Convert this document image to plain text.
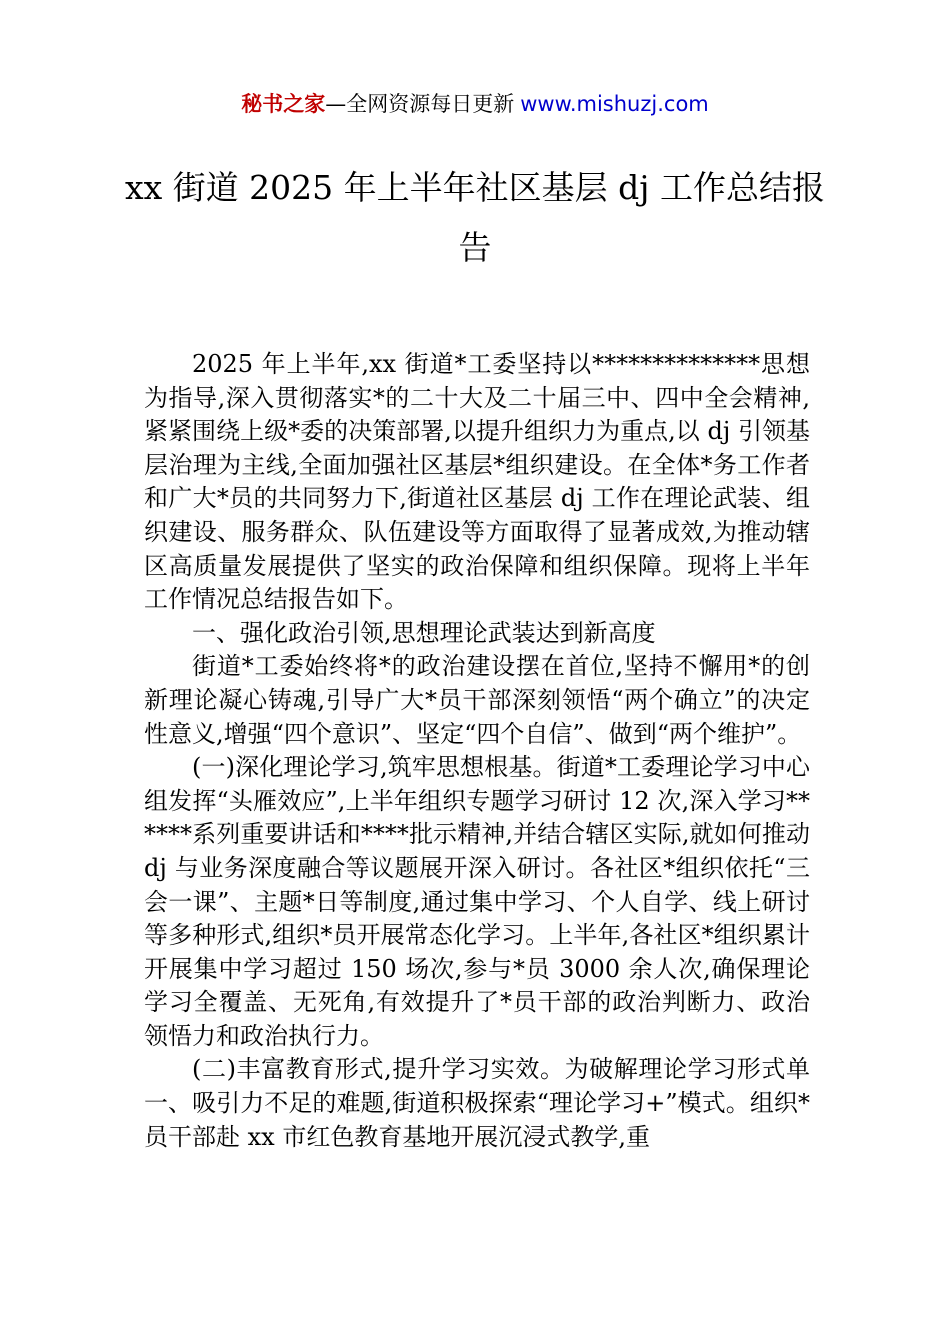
秘书之家—全网资源每日更新 www.mishuzj.com
xx 街道 2025 年上半年社区基层 dj 工作总结报告

2025 年上半年,xx 街道*工委坚持以**************思想为指导,深入贯彻落实*的二十大及二十届三中、四中全会精神,紧紧围绕上级*委的决策部署,以提升组织力为重点,以 dj 引领基层治理为主线,全面加强社区基层*组织建设。在全体*务工作者和广大*员的共同努力下,街道社区基层 dj 工作在理论武装、组织建设、服务群众、队伍建设等方面取得了显著成效,为推动辖区高质量发展提供了坚实的政治保障和组织保障。现将上半年工作情况总结报告如下。

一、强化政治引领,思想理论武装达到新高度

街道*工委始终将*的政治建设摆在首位,坚持不懈用*的创新理论凝心铸魂,引导广大*员干部深刻领悟“两个确立”的决定性意义,增强“四个意识”、坚定“四个自信”、做到“两个维护”。

(一)深化理论学习,筑牢思想根基。街道*工委理论学习中心组发挥“头雁效应”,上半年组织专题学习研讨 12 次,深入学习******系列重要讲话和****批示精神,并结合辖区实际,就如何推动 dj 与业务深度融合等议题展开深入研讨。各社区*组织依托“三会一课”、主题*日等制度,通过集中学习、个人自学、线上研讨等多种形式,组织*员开展常态化学习。上半年,各社区*组织累计开展集中学习超过 150 场次,参与*员 3000 余人次,确保理论学习全覆盖、无死角,有效提升了*员干部的政治判断力、政治领悟力和政治执行力。

(二)丰富教育形式,提升学习实效。为破解理论学习形式单一、吸引力不足的难题,街道积极探索“理论学习+”模式。组织*员干部赴 xx 市红色教育基地开展沉浸式教学,重
